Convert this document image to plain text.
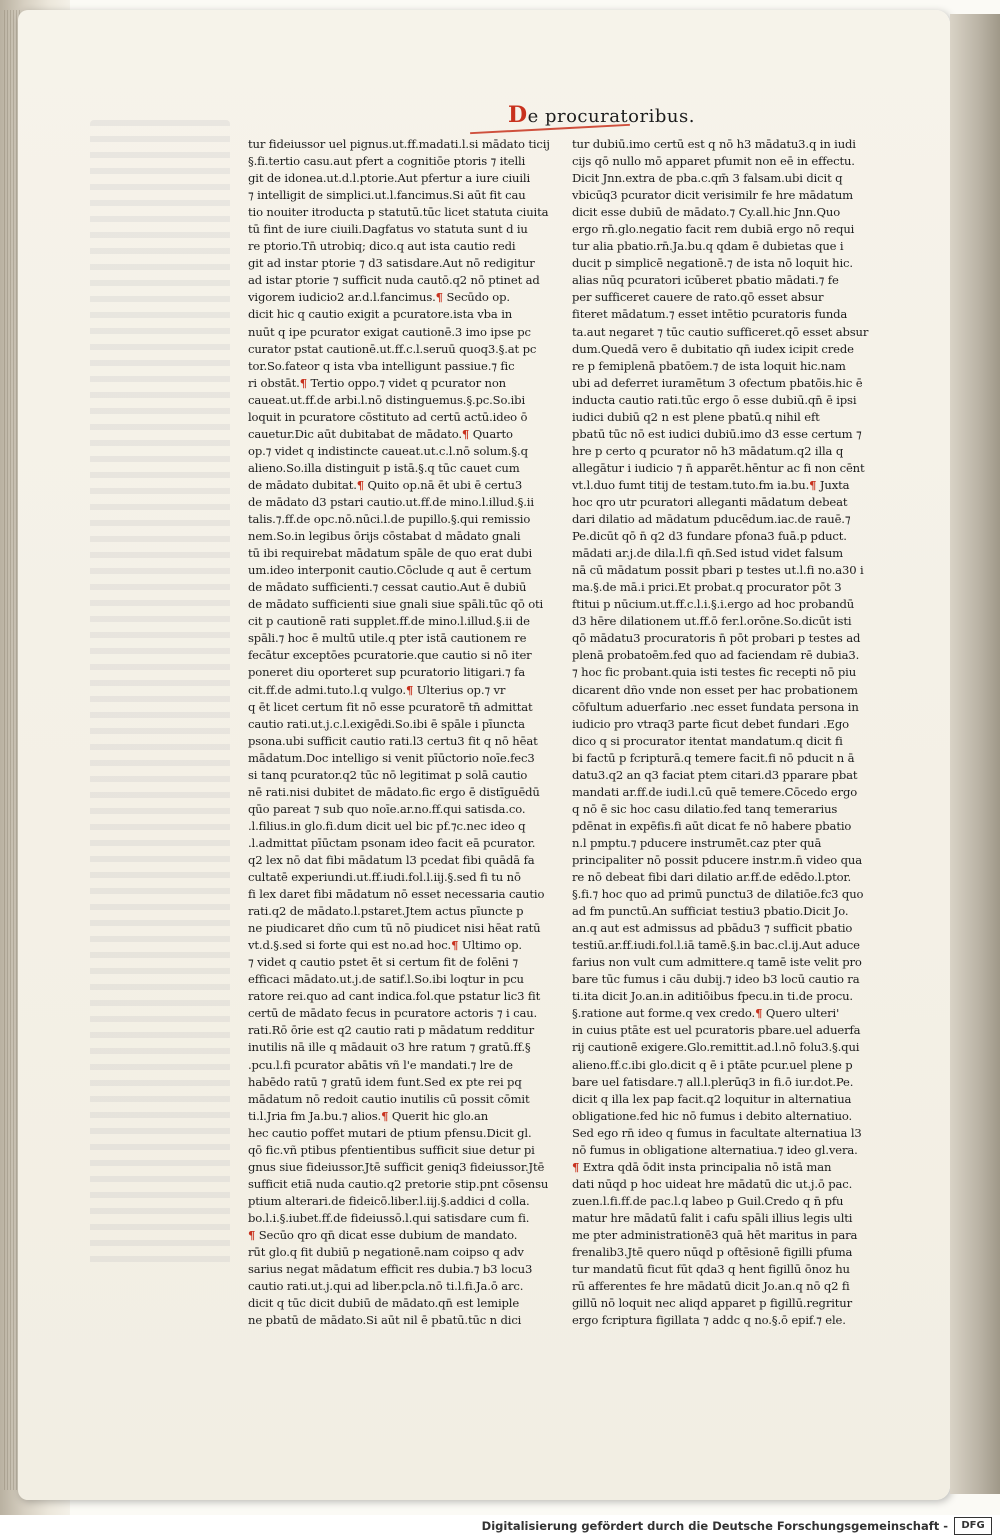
De procuratoribus.
tur fideiussor uel pignus.ut.ff.madati.l.si mādato ticij
§.fi.tertio casu.aut pfert a cognitiōe ptoris ⁊ itelli
git de idonea.ut.d.l.ptorie.Aut pfertur a iure ciuili
⁊ intelligit de simplici.ut.l.fancimus.Si aūt fit cau
tio nouiter itroducta p statutū.tūc licet statuta ciuita
tū fint de iure ciuili.Dagfatus vo statuta sunt d iu
re ptorio.Tn̄ utrobiq; dico.q aut ista cautio redi
git ad instar ptorie ⁊ d3 satisdare.Aut nō redigitur
ad istar ptorie ⁊ sufficit nuda cautō.q2 nō ptinet ad
vigorem iudicio2 ar.d.l.fancimus.¶ Secūdo op.
dicit hic q cautio exigit a pcuratore.ista vba in
nuūt q ipe pcurator exigat cautionē.3 imo ipse pc
curator pstat cautionē.ut.ff.c.l.seruū quoq3.§.at pc
tor.So.fateor q ista vba intelligunt passiue.⁊ fic
ri obstāt.¶ Tertio oppo.⁊ videt q pcurator non
caueat.ut.ff.de arbi.l.nō distinguemus.§.pc.So.ibi
loquit in pcuratore cōstituto ad certū actū.ideo ō
cauetur.Dic aūt dubitabat de mādato.¶ Quarto
op.⁊ videt q indistincte caueat.ut.c.l.nō solum.§.q
alieno.So.illa distinguit p istā.§.q tūc cauet cum
de mādato dubitat.¶ Quito op.nā ēt ubi ē certu3
de mādato d3 pstari cautio.ut.ff.de mino.l.illud.§.ii
talis.⁊.ff.de opc.nō.nūci.l.de pupillo.§.qui remissio
nem.So.in legibus ōrijs cōstabat d mādato gnali
tū ibi requirebat mādatum spāle de quo erat dubi
um.ideo interponit cautio.Cōclude q aut ē certum
de mādato sufficienti.⁊ cessat cautio.Aut ē dubiū
de mādato sufficienti siue gnali siue spāli.tūc qō oti
cit p cautionē rati supplet.ff.de mino.l.illud.§.ii de
spāli.⁊ hoc ē multū utile.q pter istā cautionem re
fecātur exceptōes pcuratorie.que cautio si nō iter
poneret diu oporteret sup pcuratorio litigari.⁊ fa
cit.ff.de admi.tuto.l.q vulgo.¶ Ulterius op.⁊ vr
q ēt licet certum fit nō esse pcuratorē tn̄ admittat
cautio rati.ut.j.c.l.exigēdi.So.ibi ē spāle i pīuncta
psona.ubi sufficit cautio rati.l3 certu3 fit q nō hēat
mādatum.Doc intelligo si venit pīūctorio noīe.fec3
si tanq pcurator.q2 tūc nō legitimat p solā cautio
nē rati.nisi dubitet de mādato.fic ergo ē distīguēdū
qūo pareat ⁊ sub quo noīe.ar.no.ff.qui satisda.co.
.l.filius.in glo.fi.dum dicit uel bic pf.⁊c.nec ideo q
.l.admittat pīūctam psonam ideo facit eā pcurator.
q2 lex nō dat fibi mādatum l3 pcedat fibi quādā fa
cultatē experiundi.ut.ff.iudi.fol.l.iij.§.sed fi tu nō
fi lex daret fibi mādatum nō esset necessaria cautio
rati.q2 de mādato.l.pstaret.Jtem actus pīuncte p
ne piudicaret dño cum tū nō piudicet nisi hēat ratū
vt.d.§.sed si forte qui est no.ad hoc.¶ Ultimo op.
⁊ videt q cautio pstet ēt si certum fit de folēni ⁊
efficaci mādato.ut.j.de satif.l.So.ibi loqtur in pcu
ratore rei.quo ad cant indica.fol.que pstatur lic3 fit
certū de mādato fecus in pcuratore actoris ⁊ i cau.
rati.Rō ōrie est q2 cautio rati p mādatum redditur
inutilis nā ille q mādauit o3 hre ratum ⁊ gratū.ff.§
.pcu.l.fi pcurator abātis vñ l'e mandati.⁊ lre de
habēdo ratū ⁊ gratū idem funt.Sed ex pte rei pq
mādatum nō redoit cautio inutilis cū possit cōmit
ti.l.Jria fm Ja.bu.⁊ alios.¶ Querit hic glo.an
hec cautio poffet mutari de ptium pfensu.Dicit gl.
qō fic.vñ ptibus pfentientibus sufficit siue detur pi
gnus siue fideiussor.Jtē sufficit geniq3 fideiussor.Jtē
sufficit etiā nuda cautio.q2 pretorie stip.pnt cōsensu
ptium alterari.de fideicō.liber.l.iij.§.addici d colla.
bo.l.i.§.iubet.ff.de fideiussō.l.qui satisdare cum fi.
¶ Secūo qro qn̄ dicat esse dubium de mandato.
rūt glo.q fit dubiū p negationē.nam coipso q adv
sarius negat mādatum efficit res dubia.⁊ b3 locu3
cautio rati.ut.j.qui ad liber.pcla.nō ti.l.fi.Ja.ō arc.
dicit q tūc dicit dubiū de mādato.qn̄ est lemiple
ne pbatū de mādato.Si aūt nil ē pbatū.tūc n dici
tur dubiū.imo certū est q nō h3 mādatu3.q in iudi
cijs qō nullo mō apparet pfumit non eē in effectu.
Dicit Jnn.extra de pba.c.qm̄ 3 falsam.ubi dicit q
vbicūq3 pcurator dicit verisimilr fe hre mādatum
dicit esse dubiū de mādato.⁊ Cy.all.hic Jnn.Quo
ergo rn̄.glo.negatio facit rem dubiā ergo nō requi
tur alia pbatio.rn̄.Ja.bu.q qdam ē dubietas que i
ducit p simplicē negationē.⁊ de ista nō loquit hic.
alias nūq pcuratori icūberet pbatio mādati.⁊ fe
per sufficeret cauere de rato.qō esset absur
fiteret mādatum.⁊ esset intētio pcuratoris funda
ta.aut negaret ⁊ tūc cautio sufficeret.qō esset absur
dum.Quedā vero ē dubitatio qn̄ iudex icipit crede
re p femiplenā pbatōem.⁊ de ista loquit hic.nam
ubi ad deferret iuramētum 3 ofectum pbatōis.hic ē
inducta cautio rati.tūc ergo ō esse dubiū.qn̄ ē ipsi
iudici dubiū q2 n est plene pbatū.q nihil eft
pbatū tūc nō est iudici dubiū.imo d3 esse certum ⁊
hre p certo q pcurator nō h3 mādatum.q2 illa q
allegātur i iudicio ⁊ n̄ apparēt.hēntur ac fi non cēnt
vt.l.duo fumt titij de testam.tuto.fm ia.bu.¶ Juxta
hoc qro utr pcuratori alleganti mādatum debeat
dari dilatio ad mādatum pducēdum.iac.de rauē.⁊
Pe.dicūt qō n̄ q2 d3 fundare pfona3 fuā.p pduct.
mādati ar.j.de dila.l.fi qn̄.Sed istud videt falsum
nā cū mādatum possit pbari p testes ut.l.fi no.a30 i
ma.§.de mā.i prici.Et probat.q procurator pōt 3
ftitui p nūcium.ut.ff.c.l.i.§.i.ergo ad hoc probandū
d3 hēre dilationem ut.ff.ō fer.l.orōne.So.dicūt isti
qō mādatu3 procuratoris n̄ pōt probari p testes ad
plenā probatoēm.fed quo ad faciendam rē dubia3.
⁊ hoc fic probant.quia isti testes fic recepti nō piu
dicarent dño vnde non esset per hac probationem
cōfultum aduerfario .nec esset fundata persona in
iudicio pro vtraq3 parte ficut debet fundari .Ego
dico q si procurator itentat mandatum.q dicit fi
bi factū p fcripturā.q temere facit.fi nō pducit n ā
datu3.q2 an q3 faciat ptem citari.d3 pparare pbat
mandati ar.ff.de iudi.l.cū quē temere.Cōcedo ergo
q nō ē sic hoc casu dilatio.fed tanq temerarius
pdēnat in expēfis.fi aūt dicat fe nō habere pbatio
n.l pmptu.⁊ pducere instrumēt.caz pter quā
principaliter nō possit pducere instr.m.n̄ video qua
re nō debeat fibi dari dilatio ar.ff.de edēdo.l.ptor.
§.fi.⁊ hoc quo ad primū punctu3 de dilatiōe.fc3 quo
ad fm punctū.An sufficiat testiu3 pbatio.Dicit Jo.
an.q aut est admissus ad pbādu3 ⁊ sufficit pbatio
testiū.ar.ff.iudi.fol.l.iā tamē.§.in bac.cl.ij.Aut aduce
farius non vult cum admittere.q tamē iste velit pro
bare tūc fumus i cāu dubij.⁊ ideo b3 locū cautio ra
ti.ita dicit Jo.an.in aditiōibus fpecu.in ti.de procu.
§.ratione aut forme.q vex credo.¶ Quero ulteri'
in cuius ptāte est uel pcuratoris pbare.uel aduerfa
rij cautionē exigere.Glo.remittit.ad.l.nō folu3.§.qui
alieno.ff.c.ibi glo.dicit q ē i ptāte pcur.uel plene p
bare uel fatisdare.⁊ all.l.plerūq3 in fi.ō iur.dot.Pe.
dicit q illa lex pap facit.q2 loquitur in alternatiua
obligatione.fed hic nō fumus i debito alternatiuo.
Sed ego rn̄ ideo q fumus in facultate alternatiua l3
nō fumus in obligatione alternatiua.⁊ ideo gl.vera.
¶ Extra qdā ōdit insta principalia nō istā man
dati nūqd p hoc uideat hre mādatū dic ut.j.ō pac.
zuen.l.fi.ff.de pac.l.q labeo p Guil.Credo q n̄ pfu
matur hre mādatū falit i cafu spāli illius legis ulti
me pter administrationē3 quā hēt maritus in para
frenalib3.Jtē quero nūqd p oftēsionē figilli pfuma
tur mandatū ficut fūt qda3 q hent figillū ōnoz hu
rū afferentes fe hre mādatū dicit Jo.an.q nō q2 fi
gillū nō loquit nec aliqd apparet p figillū.regritur
ergo fcriptura figillata ⁊ addc q no.§.ō epif.⁊ ele.
Digitalisierung gefördert durch die Deutsche Forschungsgemeinschaft -	DFG
